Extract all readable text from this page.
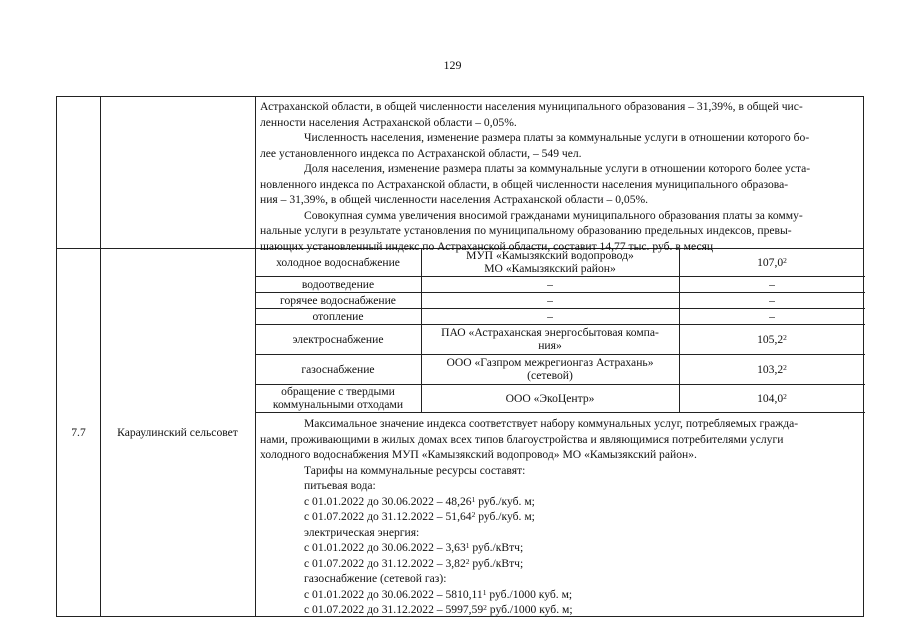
129
Астраханской области, в общей численности населения муниципального образования – 31,39%, в общей чис-
ленности населения Астраханской области – 0,05%.
Численность населения, изменение размера платы за коммунальные услуги в отношении которого бо-
лее установленного индекса по Астраханской области, – 549 чел.
Доля населения, изменение размера платы за коммунальные услуги в отношении которого более уста-
новленного индекса по Астраханской области, в общей численности населения муниципального образова-
ния – 31,39%, в общей численности населения Астраханской области – 0,05%.
Совокупная сумма увеличения вносимой гражданами муниципального образования платы за комму-
нальные услуги в результате установления по муниципальному образованию предельных индексов, превы-
шающих установленный индекс по Астраханской области, составит 14,77 тыс. руб. в месяц
7.7	Караулинский сельсовет
холодное водоснабжение	МУП «Камызякский водопровод»
МО «Камызякский район»	107,0$^2$
водоотведение	–	–
горячее водоснабжение	–	–
отопление	–	–
электроснабжение	ПАО «Астраханская энергосбытовая компа-
ния»	105,2$^2$
газоснабжение	ООО «Газпром межрегионгаз Астрахань»
(сетевой)	103,2$^2$
обращение с твердыми
коммунальными отходами	ООО «ЭкоЦентр»	104,0$^2$
Максимальное значение индекса соответствует набору коммунальных услуг, потребляемых гражда-
нами, проживающими в жилых домах всех типов благоустройства и являющимися потребителями услуги
холодного водоснабжения МУП «Камызякский водопровод» МО «Камызякский район».
Тарифы на коммунальные ресурсы составят:
питьевая вода:
с 01.01.2022 до 30.06.2022 – 48,26$^1$ руб./куб. м;
с 01.07.2022 до 31.12.2022 – 51,64$^2$ руб./куб. м;
электрическая энергия:
с 01.01.2022 до 30.06.2022 – 3,63$^1$ руб./кВтч;
с 01.07.2022 до 31.12.2022 – 3,82$^2$ руб./кВтч;
газоснабжение (сетевой газ):
с 01.01.2022 до 30.06.2022 – 5810,11$^1$ руб./1000 куб. м;
с 01.07.2022 до 31.12.2022 – 5997,59$^2$ руб./1000 куб. м;
